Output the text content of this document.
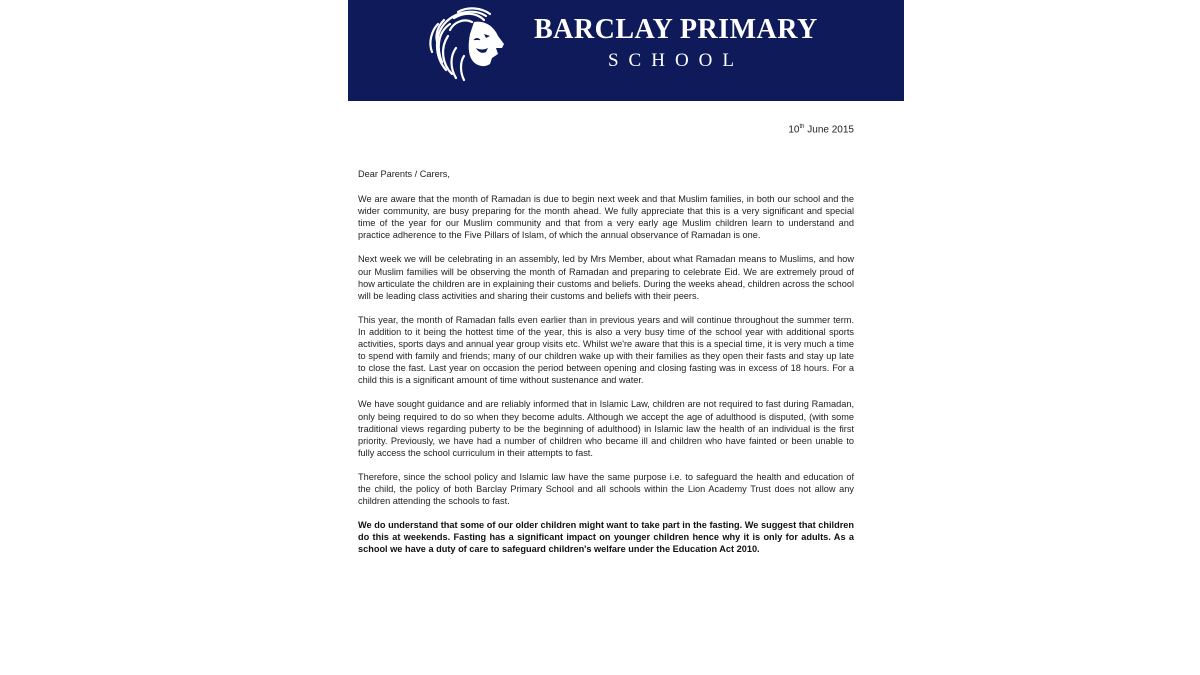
BARCLAY PRIMARY
SCHOOL
10th June 2015

Dear Parents / Carers,

We are aware that the month of Ramadan is due to begin next week and that Muslim families, in both our school and the wider community, are busy preparing for the month ahead. We fully appreciate that this is a very significant and special time of the year for our Muslim community and that from a very early age Muslim children learn to understand and practice adherence to the Five Pillars of Islam, of which the annual observance of Ramadan is one.

Next week we will be celebrating in an assembly, led by Mrs Member, about what Ramadan means to Muslims, and how our Muslim families will be observing the month of Ramadan and preparing to celebrate Eid. We are extremely proud of how articulate the children are in explaining their customs and beliefs. During the weeks ahead, children across the school will be leading class activities and sharing their customs and beliefs with their peers.

This year, the month of Ramadan falls even earlier than in previous years and will continue throughout the summer term. In addition to it being the hottest time of the year, this is also a very busy time of the school year with additional sports activities, sports days and annual year group visits etc. Whilst we're aware that this is a special time, it is very much a time to spend with family and friends; many of our children wake up with their families as they open their fasts and stay up late to close the fast. Last year on occasion the period between opening and closing fasting was in excess of 18 hours. For a child this is a significant amount of time without sustenance and water.

We have sought guidance and are reliably informed that in Islamic Law, children are not required to fast during Ramadan, only being required to do so when they become adults. Although we accept the age of adulthood is disputed, (with some traditional views regarding puberty to be the beginning of adulthood) in Islamic law the health of an individual is the first priority. Previously, we have had a number of children who became ill and children who have fainted or been unable to fully access the school curriculum in their attempts to fast.

Therefore, since the school policy and Islamic law have the same purpose i.e. to safeguard the health and education of the child, the policy of both Barclay Primary School and all schools within the Lion Academy Trust does not allow any children attending the schools to fast.

We do understand that some of our older children might want to take part in the fasting. We suggest that children do this at weekends. Fasting has a significant impact on younger children hence why it is only for adults. As a school we have a duty of care to safeguard children's welfare under the Education Act 2010.
